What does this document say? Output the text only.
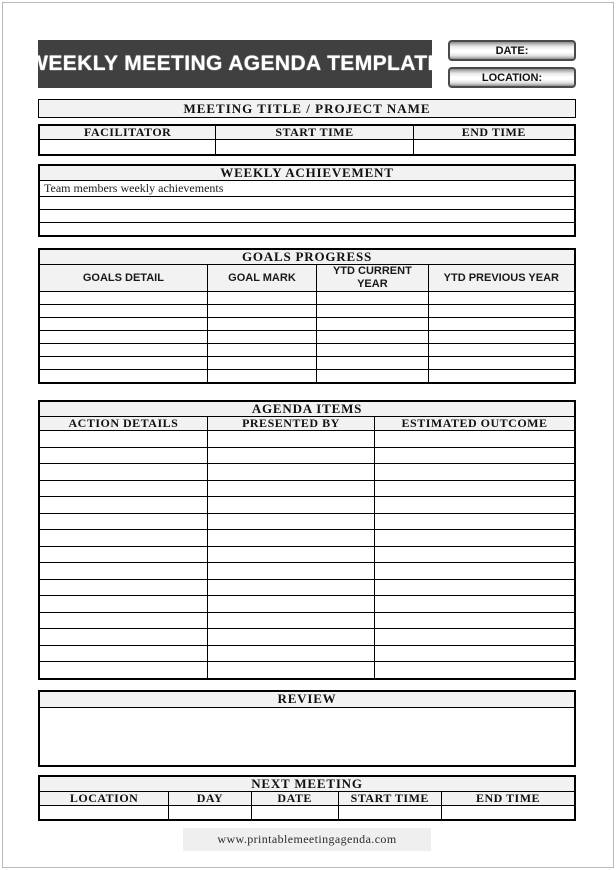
WEEKLY MEETING AGENDA TEMPLATE
DATE:
LOCATION:
MEETING TITLE / PROJECT NAME
FACILITATOR	START TIME	END TIME

WEEKLY ACHIEVEMENT
Team members weekly achievements

GOALS PROGRESS			
GOALS DETAIL	GOAL MARK	YTD CURRENT YEAR	YTD PREVIOUS YEAR

AGENDA ITEMS		
ACTION DETAILS	PRESENTED BY	ESTIMATED OUTCOME

REVIEW
NEXT MEETING				
LOCATION	DAY	DATE	START TIME	END TIME

www.printablemeetingagenda.com
